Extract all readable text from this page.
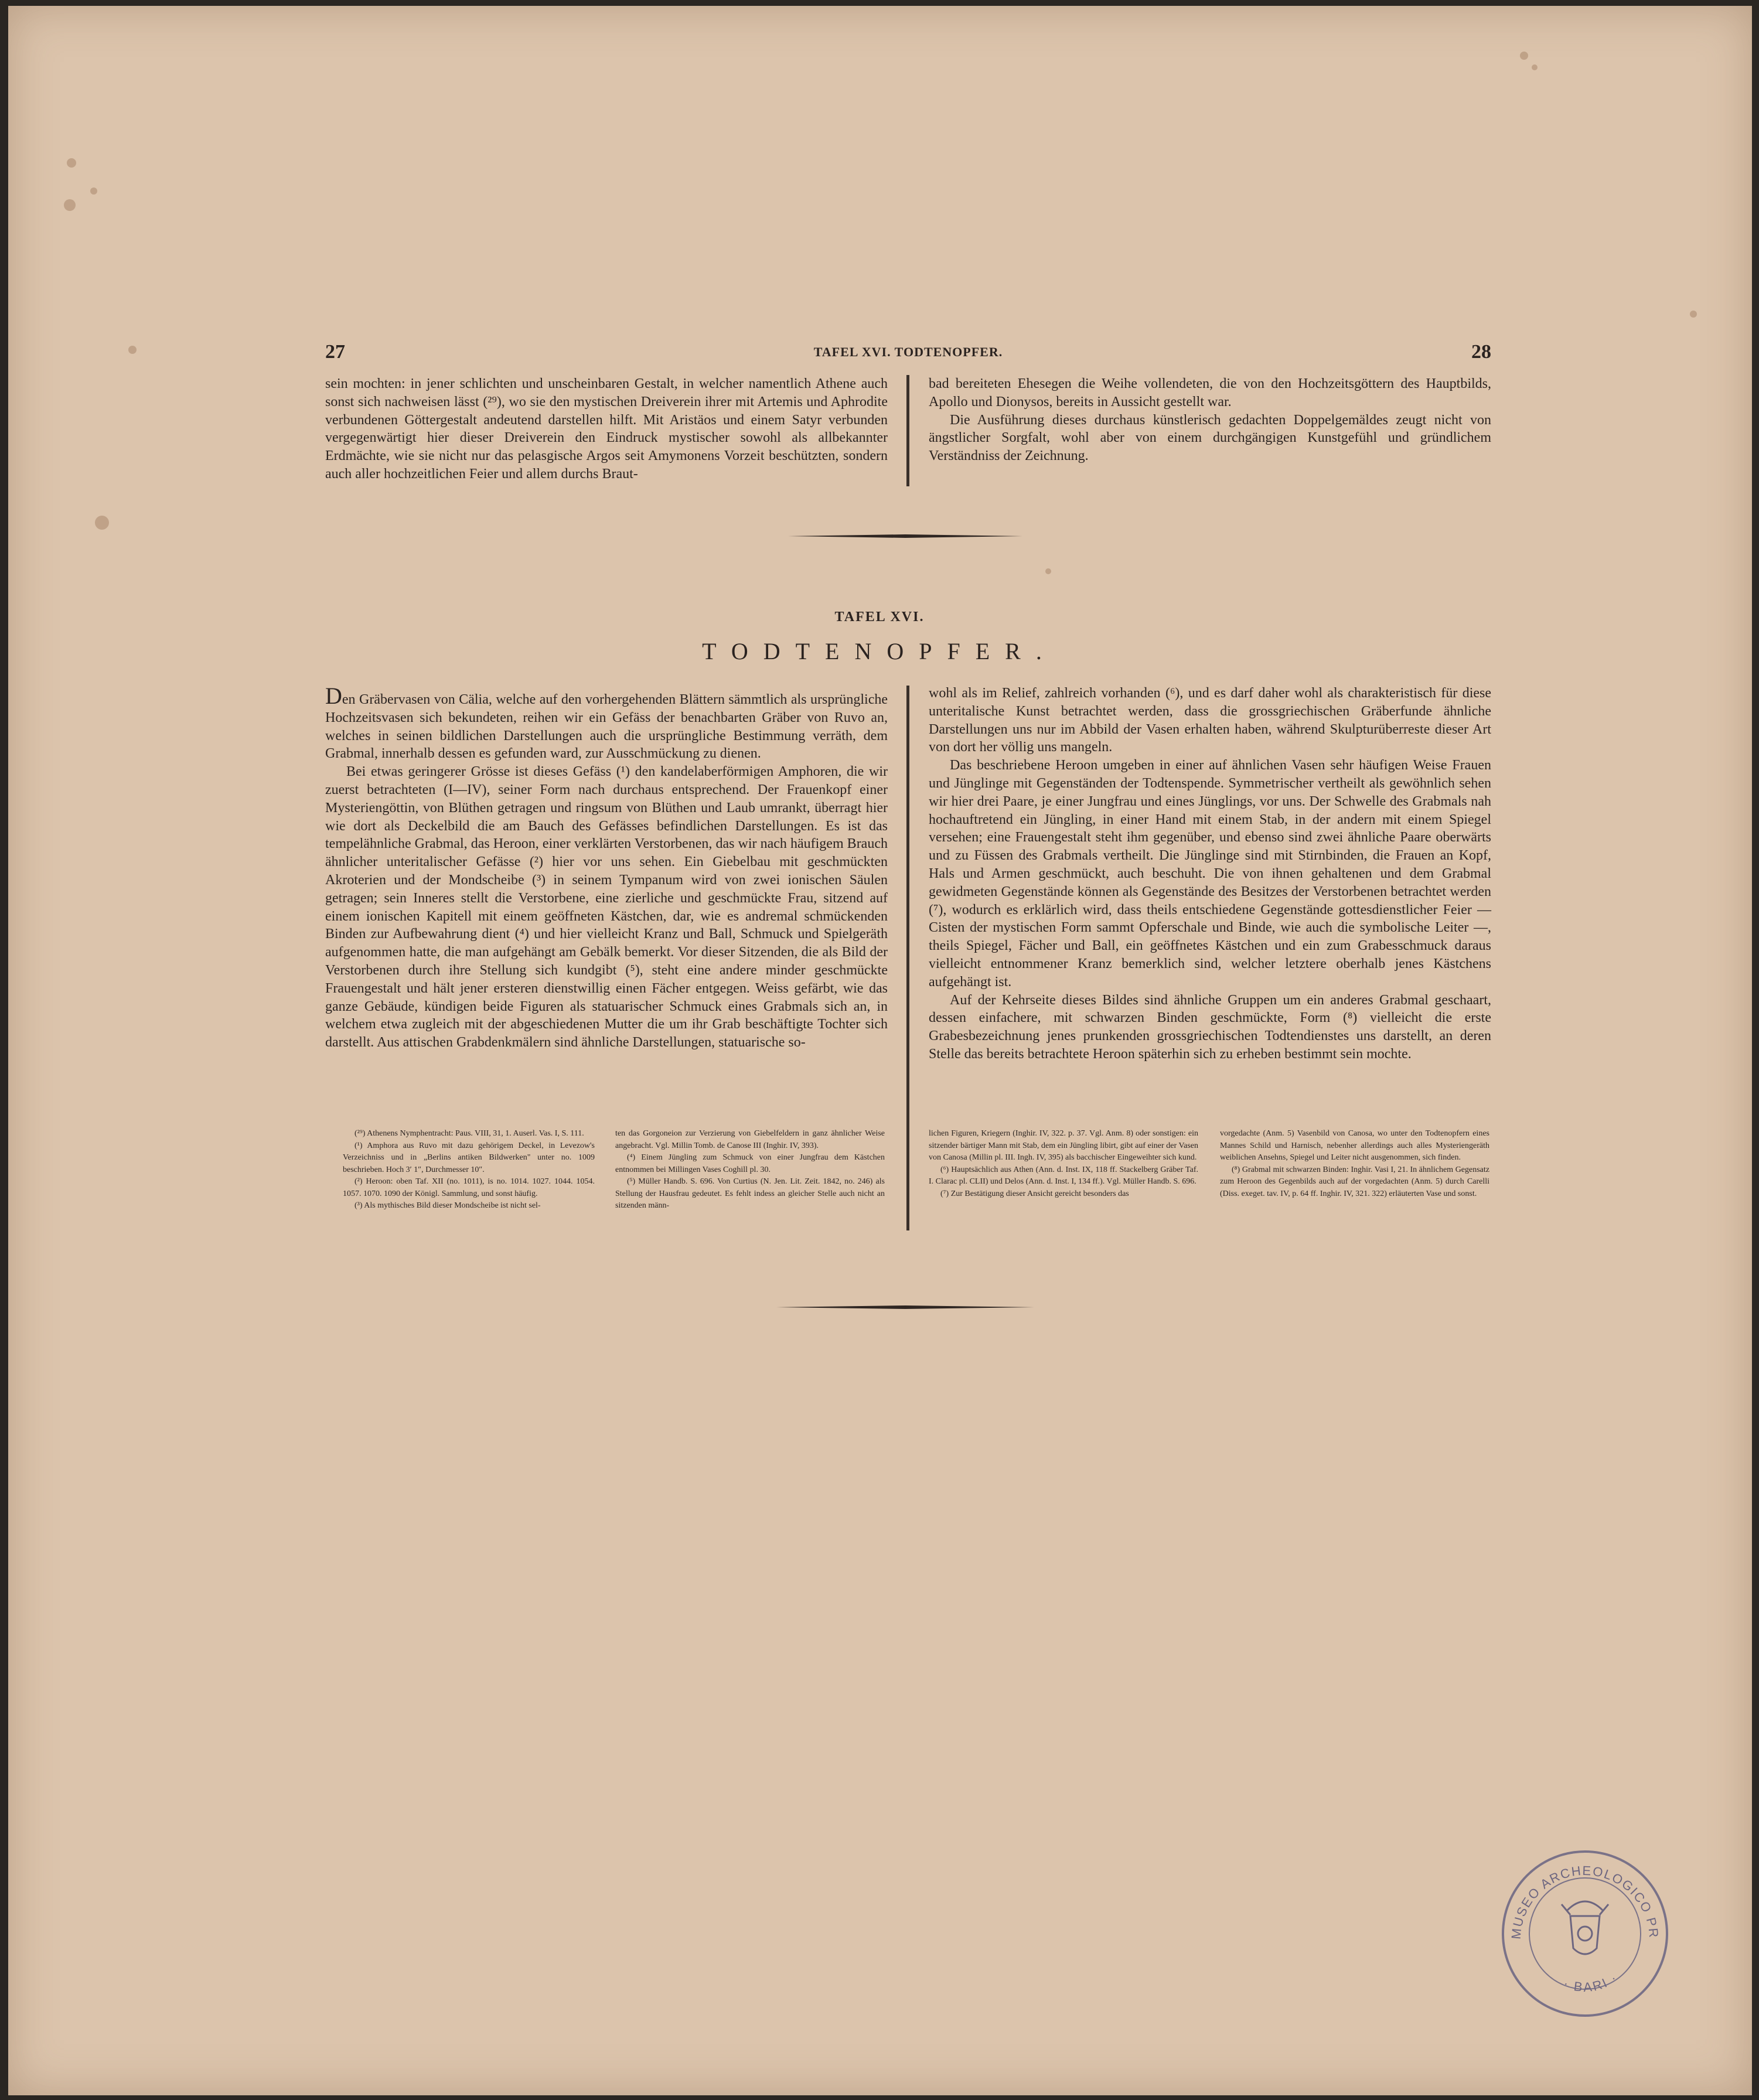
27	TAFEL XVI. TODTENOPFER.	28

sein mochten: in jener schlichten und unscheinbaren Gestalt, in welcher namentlich Athene auch sonst sich nachweisen lässt (²⁹), wo sie den mystischen Dreiverein ihrer mit Artemis und Aphrodite verbundenen Göttergestalt andeutend darstellen hilft. Mit Aristäos und einem Satyr verbunden vergegenwärtigt hier dieser Dreiverein den Eindruck mystischer sowohl als allbekannter Erdmächte, wie sie nicht nur das pelasgische Argos seit Amymonens Vorzeit beschützten, sondern auch aller hochzeitlichen Feier und allem durchs Braut-

bad bereiteten Ehesegen die Weihe vollendeten, die von den Hochzeitsgöttern des Hauptbilds, Apollo und Dionysos, bereits in Aussicht gestellt war.

Die Ausführung dieses durchaus künstlerisch gedachten Doppelgemäldes zeugt nicht von ängstlicher Sorgfalt, wohl aber von einem durchgängigen Kunstgefühl und gründlichem Verständniss der Zeichnung.

TAFEL XVI.
TODTENOPFER.

Den Gräbervasen von Cälia, welche auf den vorhergehenden Blättern sämmtlich als ursprüngliche Hochzeitsvasen sich bekundeten, reihen wir ein Gefäss der benachbarten Gräber von Ruvo an, welches in seinen bildlichen Darstellungen auch die ursprüngliche Bestimmung verräth, dem Grabmal, innerhalb dessen es gefunden ward, zur Ausschmückung zu dienen.

Bei etwas geringerer Grösse ist dieses Gefäss (¹) den kandelaberförmigen Amphoren, die wir zuerst betrachteten (I—IV), seiner Form nach durchaus entsprechend. Der Frauenkopf einer Mysteriengöttin, von Blüthen getragen und ringsum von Blüthen und Laub umrankt, überragt hier wie dort als Deckelbild die am Bauch des Gefässes befindlichen Darstellungen. Es ist das tempelähnliche Grabmal, das Heroon, einer verklärten Verstorbenen, das wir nach häufigem Brauch ähnlicher unteritalischer Gefässe (²) hier vor uns sehen. Ein Giebelbau mit geschmückten Akroterien und der Mondscheibe (³) in seinem Tympanum wird von zwei ionischen Säulen getragen; sein Inneres stellt die Verstorbene, eine zierliche und geschmückte Frau, sitzend auf einem ionischen Kapitell mit einem geöffneten Kästchen, dar, wie es andremal schmückenden Binden zur Aufbewahrung dient (⁴) und hier vielleicht Kranz und Ball, Schmuck und Spielgeräth aufgenommen hatte, die man aufgehängt am Gebälk bemerkt. Vor dieser Sitzenden, die als Bild der Verstorbenen durch ihre Stellung sich kundgibt (⁵), steht eine andere minder geschmückte Frauengestalt und hält jener ersteren dienstwillig einen Fächer entgegen. Weiss gefärbt, wie das ganze Gebäude, kündigen beide Figuren als statuarischer Schmuck eines Grabmals sich an, in welchem etwa zugleich mit der abgeschiedenen Mutter die um ihr Grab beschäftigte Tochter sich darstellt. Aus attischen Grabdenkmälern sind ähnliche Darstellungen, statuarische so-

wohl als im Relief, zahlreich vorhanden (⁶), und es darf daher wohl als charakteristisch für diese unteritalische Kunst betrachtet werden, dass die grossgriechischen Gräberfunde ähnliche Darstellungen uns nur im Abbild der Vasen erhalten haben, während Skulpturüberreste dieser Art von dort her völlig uns mangeln.

Das beschriebene Heroon umgeben in einer auf ähnlichen Vasen sehr häufigen Weise Frauen und Jünglinge mit Gegenständen der Todtenspende. Symmetrischer vertheilt als gewöhnlich sehen wir hier drei Paare, je einer Jungfrau und eines Jünglings, vor uns. Der Schwelle des Grabmals nah hochauftretend ein Jüngling, in einer Hand mit einem Stab, in der andern mit einem Spiegel versehen; eine Frauengestalt steht ihm gegenüber, und ebenso sind zwei ähnliche Paare oberwärts und zu Füssen des Grabmals vertheilt. Die Jünglinge sind mit Stirnbinden, die Frauen an Kopf, Hals und Armen geschmückt, auch beschuht. Die von ihnen gehaltenen und dem Grabmal gewidmeten Gegenstände können als Gegenstände des Besitzes der Verstorbenen betrachtet werden (⁷), wodurch es erklärlich wird, dass theils entschiedene Gegenstände gottesdienstlicher Feier — Cisten der mystischen Form sammt Opferschale und Binde, wie auch die symbolische Leiter —, theils Spiegel, Fächer und Ball, ein geöffnetes Kästchen und ein zum Grabesschmuck daraus vielleicht entnommener Kranz bemerklich sind, welcher letztere oberhalb jenes Kästchens aufgehängt ist.

Auf der Kehrseite dieses Bildes sind ähnliche Gruppen um ein anderes Grabmal geschaart, dessen einfachere, mit schwarzen Binden geschmückte, Form (⁸) vielleicht die erste Grabesbezeichnung jenes prunkenden grossgriechischen Todtendienstes uns darstellt, an deren Stelle das bereits betrachtete Heroon späterhin sich zu erheben bestimmt sein mochte.

(²⁹) Athenens Nymphentracht: Paus. VIII, 31, 1. Auserl. Vas. I, S. 111.

(¹) Amphora aus Ruvo mit dazu gehörigem Deckel, in Levezow's Verzeichniss und in „Berlins antiken Bildwerken" unter no. 1009 beschrieben. Hoch 3′ 1″, Durchmesser 10″.

(²) Heroon: oben Taf. XII (no. 1011), is no. 1014. 1027. 1044. 1054. 1057. 1070. 1090 der Königl. Sammlung, und sonst häufig.

(³) Als mythisches Bild dieser Mondscheibe ist nicht sel-

ten das Gorgoneion zur Verzierung von Giebelfeldern in ganz ähnlicher Weise angebracht. Vgl. Millin Tomb. de Canose III (Inghir. IV, 393).

(⁴) Einem Jüngling zum Schmuck von einer Jungfrau dem Kästchen entnommen bei Millingen Vases Coghill pl. 30.

(⁵) Müller Handb. S. 696. Von Curtius (N. Jen. Lit. Zeit. 1842, no. 246) als Stellung der Hausfrau gedeutet. Es fehlt indess an gleicher Stelle auch nicht an sitzenden männ-

lichen Figuren, Kriegern (Inghir. IV, 322. p. 37. Vgl. Anm. 8) oder sonstigen: ein sitzender bärtiger Mann mit Stab, dem ein Jüngling libirt, gibt auf einer der Vasen von Canosa (Millin pl. III. Ingh. IV, 395) als bacchischer Eingeweihter sich kund.

(⁶) Hauptsächlich aus Athen (Ann. d. Inst. IX, 118 ff. Stackelberg Gräber Taf. I. Clarac pl. CLII) und Delos (Ann. d. Inst. I, 134 ff.). Vgl. Müller Handb. S. 696.

(⁷) Zur Bestätigung dieser Ansicht gereicht besonders das

vorgedachte (Anm. 5) Vasenbild von Canosa, wo unter den Todtenopfern eines Mannes Schild und Harnisch, nebenher allerdings auch alles Mysteriengeräth weiblichen Ansehns, Spiegel und Leiter nicht ausgenommen, sich finden.

(⁸) Grabmal mit schwarzen Binden: Inghir. Vasi I, 21. In ähnlichem Gegensatz zum Heroon des Gegenbilds auch auf der vorgedachten (Anm. 5) durch Carelli (Diss. exeget. tav. IV, p. 64 ff. Inghir. IV, 321. 322) erläuterten Vase und sonst.

MUSEO ARCHEOLOGICO PR
· BARI ·
